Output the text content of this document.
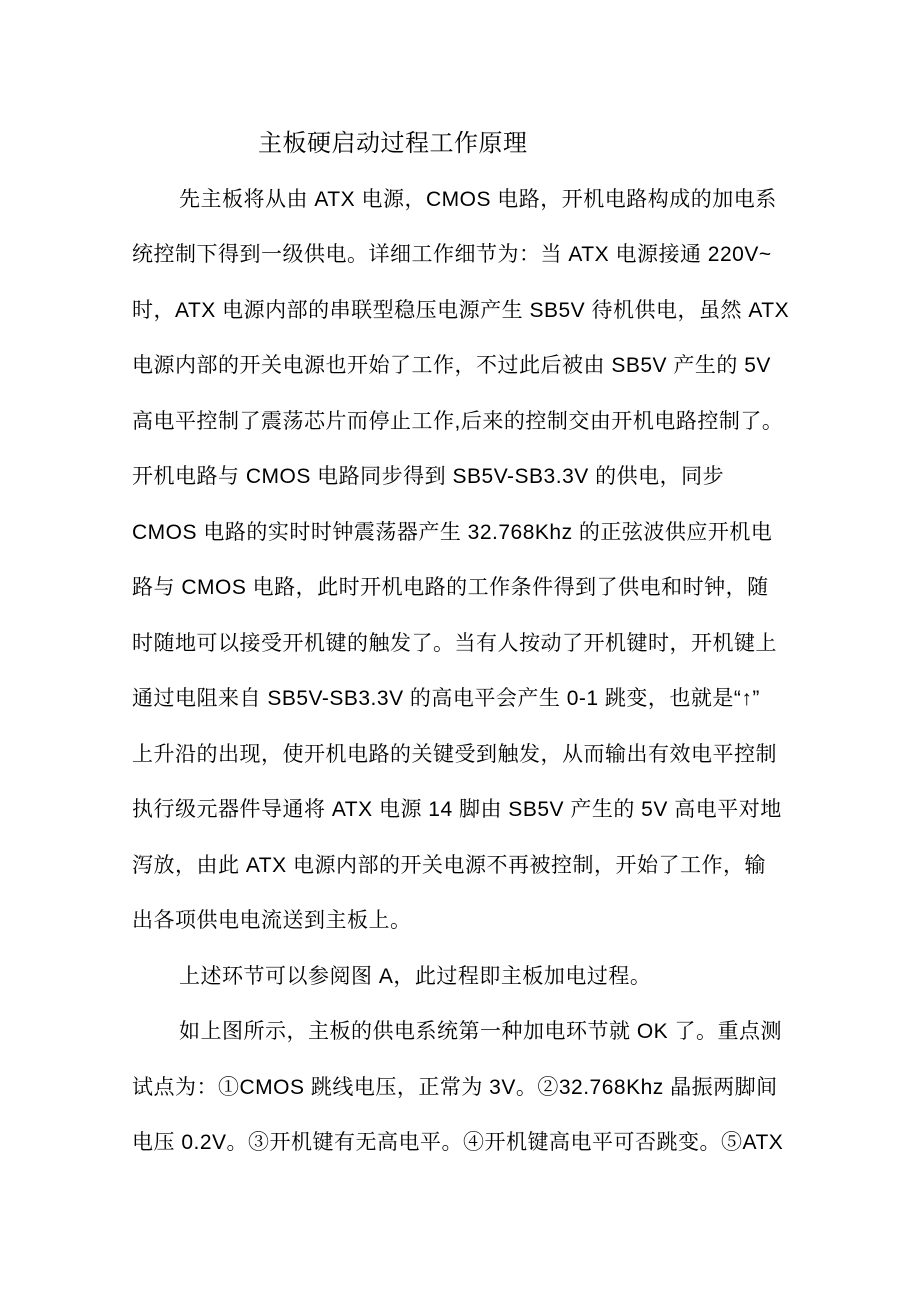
主板硬启动过程工作原理
先主板将从由 ATX 电源，CMOS 电路，开机电路构成的加电系
统控制下得到一级供电。详细工作细节为：当 ATX 电源接通 220V~
时，ATX 电源内部的串联型稳压电源产生 SB5V 待机供电，虽然 ATX
电源内部的开关电源也开始了工作，不过此后被由 SB5V 产生的 5V
高电平控制了震荡芯片而停止工作,后来的控制交由开机电路控制了。
开机电路与 CMOS 电路同步得到 SB5V-SB3.3V 的供电，同步
CMOS 电路的实时时钟震荡器产生 32.768Khz 的正弦波供应开机电
路与 CMOS 电路，此时开机电路的工作条件得到了供电和时钟，随
时随地可以接受开机键的触发了。当有人按动了开机键时，开机键上
通过电阻来自 SB5V-SB3.3V 的高电平会产生 0-1 跳变，也就是“↑”
上升沿的出现，使开机电路的关键受到触发，从而输出有效电平控制
执行级元器件导通将 ATX 电源 14 脚由 SB5V 产生的 5V 高电平对地
泻放，由此 ATX 电源内部的开关电源不再被控制，开始了工作，输
出各项供电电流送到主板上。
上述环节可以参阅图 A，此过程即主板加电过程。
如上图所示，主板的供电系统第一种加电环节就 OK 了。重点测
试点为：①CMOS 跳线电压，正常为 3V。②32.768Khz 晶振两脚间
电压 0.2V。③开机键有无高电平。④开机键高电平可否跳变。⑤ATX
